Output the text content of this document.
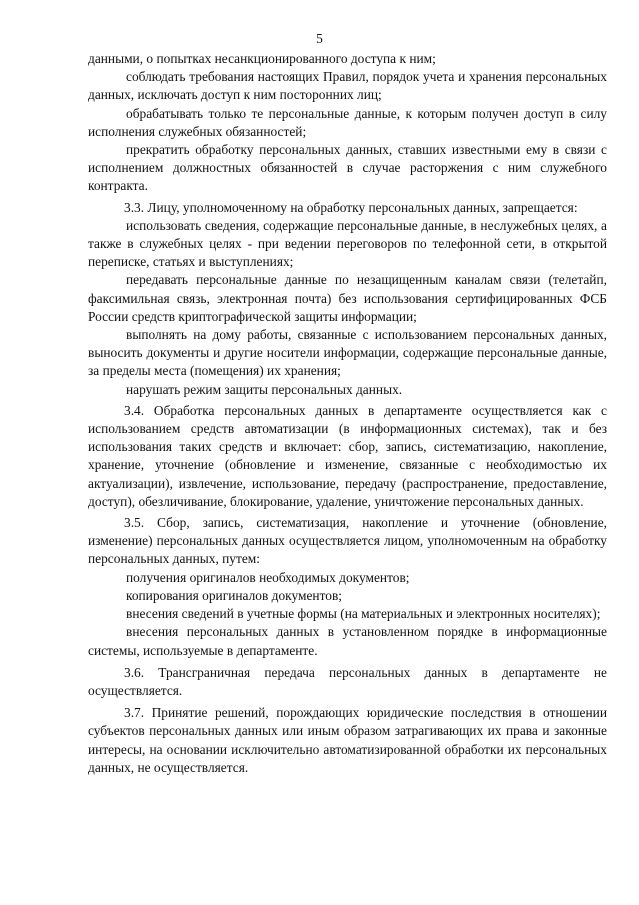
5

данными, о попытках несанкционированного доступа к ним;

соблюдать требования настоящих Правил, порядок учета и хранения персональных данных, исключать доступ к ним посторонних лиц;

обрабатывать только те персональные данные, к которым получен доступ в силу исполнения служебных обязанностей;

прекратить обработку персональных данных, ставших известными ему в связи с исполнением должностных обязанностей в случае расторжения с ним служебного контракта.

3.3. Лицу, уполномоченному на обработку персональных данных, запрещается:

использовать сведения, содержащие персональные данные, в неслужебных целях, а также в служебных целях - при ведении переговоров по телефонной сети, в открытой переписке, статьях и выступлениях;

передавать персональные данные по незащищенным каналам связи (телетайп, факсимильная связь, электронная почта) без использования сертифицированных ФСБ России средств криптографической защиты информации;

выполнять на дому работы, связанные с использованием персональных данных, выносить документы и другие носители информации, содержащие персональные данные, за пределы места (помещения) их хранения;

нарушать режим защиты персональных данных.

3.4. Обработка персональных данных в департаменте осуществляется как с использованием средств автоматизации (в информационных системах), так и без использования таких средств и включает: сбор, запись, систематизацию, накопление, хранение, уточнение (обновление и изменение, связанные с необходимостью их актуализации), извлечение, использование, передачу (распространение, предоставление, доступ), обезличивание, блокирование, удаление, уничтожение персональных данных.

3.5. Сбор, запись, систематизация, накопление и уточнение (обновление, изменение) персональных данных осуществляется лицом, уполномоченным на обработку персональных данных, путем:

получения оригиналов необходимых документов;

копирования оригиналов документов;

внесения сведений в учетные формы (на материальных и электронных носителях);

внесения персональных данных в установленном порядке в информационные системы, используемые в департаменте.

3.6. Трансграничная передача персональных данных в департаменте не осуществляется.

3.7. Принятие решений, порождающих юридические последствия в отношении субъектов персональных данных или иным образом затрагивающих их права и законные интересы, на основании исключительно автоматизированной обработки их персональных данных, не осуществляется.
